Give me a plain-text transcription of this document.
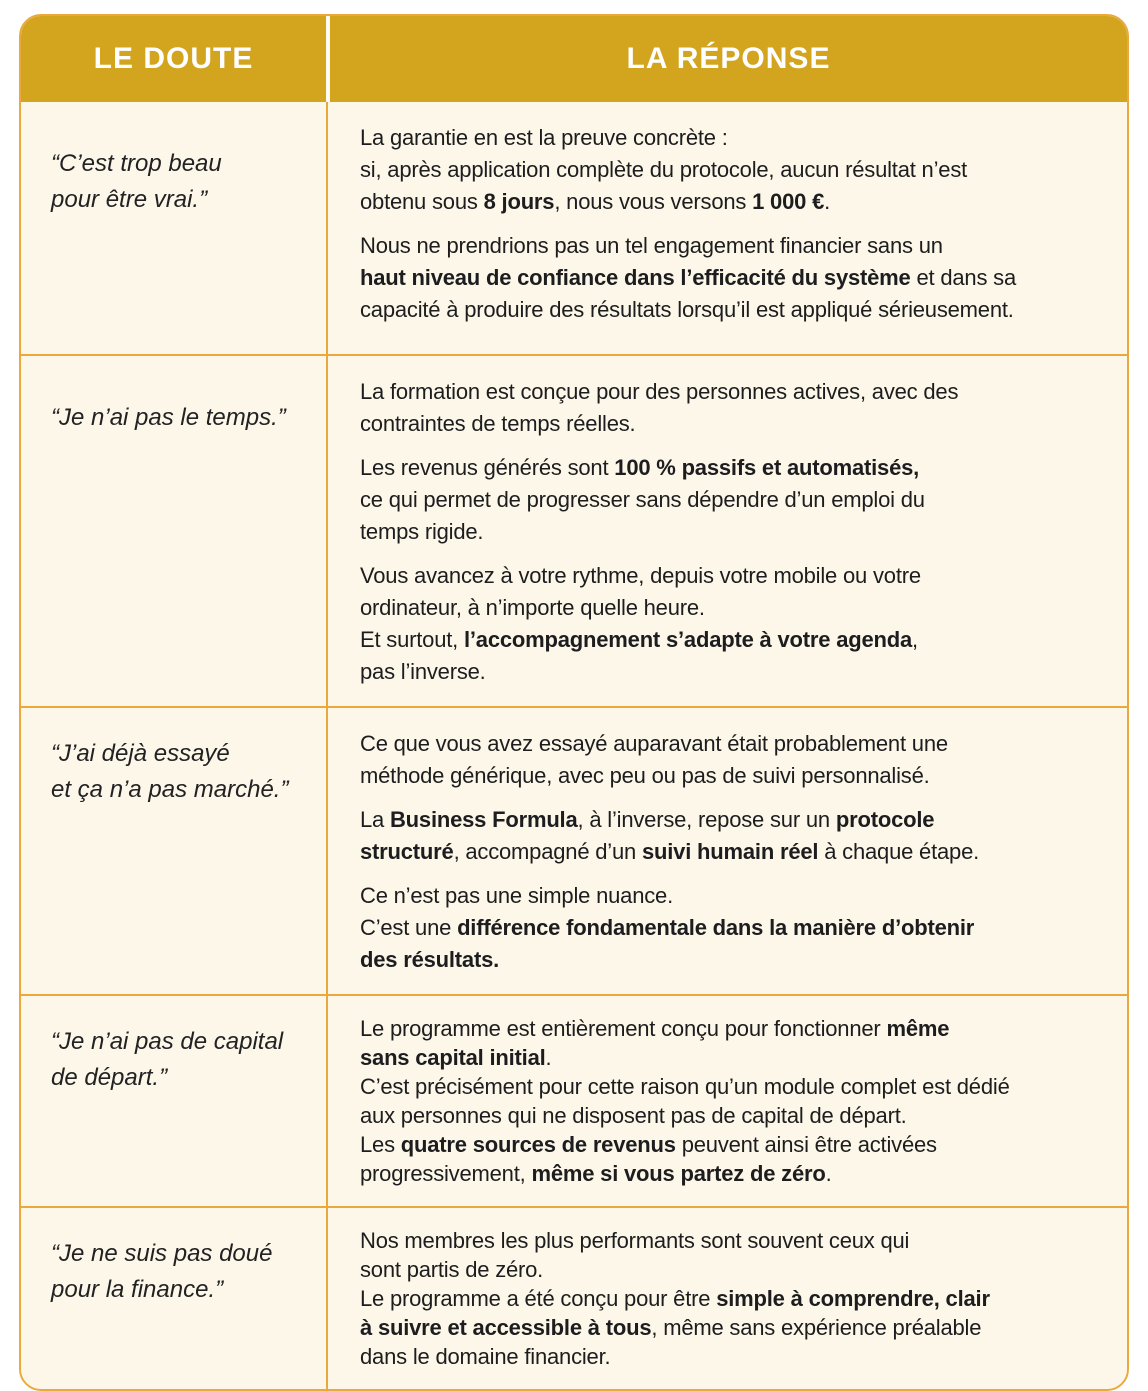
LE DOUTE	LA RÉPONSE
“C’est trop beau
pour être vrai.”

La garantie en est la preuve concrète :
si, après application complète du protocole, aucun résultat n’est
obtenu sous 8 jours, nous vous versons 1 000 €.

Nous ne prendrions pas un tel engagement financier sans un
haut niveau de confiance dans l’efficacité du système et dans sa
capacité à produire des résultats lorsqu’il est appliqué sérieusement.

“Je n’ai pas le temps.”

La formation est conçue pour des personnes actives, avec des
contraintes de temps réelles.

Les revenus générés sont 100 % passifs et automatisés,
ce qui permet de progresser sans dépendre d’un emploi du
temps rigide.

Vous avancez à votre rythme, depuis votre mobile ou votre
ordinateur, à n’importe quelle heure.
Et surtout, l’accompagnement s’adapte à votre agenda,
pas l’inverse.

“J’ai déjà essayé
et ça n’a pas marché.”

Ce que vous avez essayé auparavant était probablement une
méthode générique, avec peu ou pas de suivi personnalisé.

La Business Formula, à l’inverse, repose sur un protocole
structuré, accompagné d’un suivi humain réel à chaque étape.

Ce n’est pas une simple nuance.
C’est une différence fondamentale dans la manière d’obtenir
des résultats.

“Je n’ai pas de capital
de départ.”

Le programme est entièrement conçu pour fonctionner même
sans capital initial.
C’est précisément pour cette raison qu’un module complet est dédié
aux personnes qui ne disposent pas de capital de départ.
Les quatre sources de revenus peuvent ainsi être activées
progressivement, même si vous partez de zéro.

“Je ne suis pas doué
pour la finance.”

Nos membres les plus performants sont souvent ceux qui
sont partis de zéro.
Le programme a été conçu pour être simple à comprendre, clair
à suivre et accessible à tous, même sans expérience préalable
dans le domaine financier.
